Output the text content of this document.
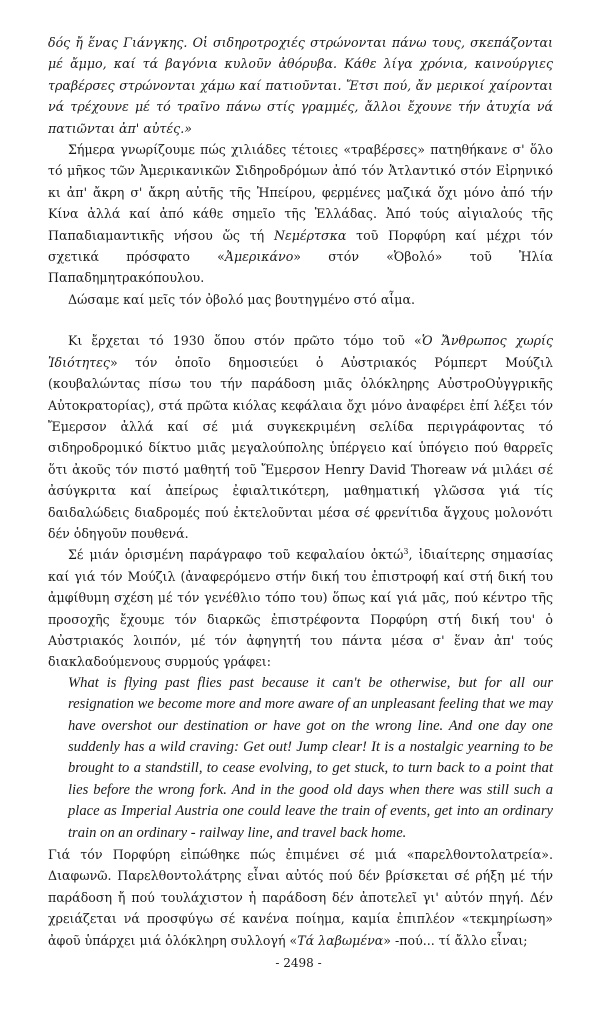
δός ἤ ἕνας Γιάνγκης. Οἱ σιδηροτροχιές στρώνονται πάνω τους, σκεπάζονται μέ ἄμμο, καί τά βαγόνια κυλοῦν ἀθόρυβα. Κάθε λίγα χρόνια, καινούργιες τραβέρσες στρώνονται χάμω καί πατιοῦνται. Ἔτσι πού, ἄν μερικοί χαίρονται νά τρέχουνε μέ τό τραῖνο πάνω στίς γραμμές, ἄλλοι ἔχουνε τήν ἀτυχία νά πατιῶνται ἀπ' αὐτές.»

Σήμερα γνωρίζουμε πώς χιλιάδες τέτοιες «τραβέρσες» πατηθήκανε σ' ὅλο τό μῆκος τῶν Ἀμερικανικῶν Σιδηροδρόμων ἀπό τόν Ἀτλαντικό στόν Εἰρηνικό κι ἀπ' ἄκρη σ' ἄκρη αὐτῆς τῆς Ἠπείρου, φερμένες μαζικά ὄχι μόνο ἀπό τήν Κίνα ἀλλά καί ἀπό κάθε σημεῖο τῆς Ἑλλάδας. Ἀπό τούς αἰγιαλούς τῆς Παπαδιαμαντικῆς νήσου ὥς τή Νεμέρτσκα τοῦ Πορφύρη καί μέχρι τόν σχετικά πρόσφατο «Ἀμερικάνο» στόν «Ὀβολό» τοῦ Ἠλία Παπαδημητρακόπουλου.

Δώσαμε καί μεῖς τόν ὀβολό μας βουτηγμένο στό αἷμα.

Κι ἔρχεται τό 1930 ὅπου στόν πρῶτο τόμο τοῦ «Ὁ Ἄνθρωπος χωρίς Ἰδιότητες» τόν ὁποῖο δημοσιεύει ὁ Αὐστριακός Ρόμπερτ Μούζιλ (κουβαλώντας πίσω του τήν παράδοση μιᾶς ὁλόκληρης ΑὐστροΟὐγγρικῆς Αὐτοκρατορίας), στά πρῶτα κιόλας κεφάλαια ὄχι μόνο ἀναφέρει ἐπί λέξει τόν Ἔμερσον ἀλλά καί σέ μιά συγκεκριμένη σελίδα περιγράφοντας τό σιδηροδρομικό δίκτυο μιᾶς μεγαλούπολης ὑπέργειο καί ὑπόγειο πού θαρρεῖς ὅτι ἀκοῦς τόν πιστό μαθητή τοῦ Ἔμερσον Henry David Thoreaw νά μιλάει σέ ἀσύγκριτα καί ἀπείρως ἐφιαλτικότερη, μαθηματική γλῶσσα γιά τίς δαιδαλώδεις διαδρομές πού ἐκτελοῦνται μέσα σέ φρενίτιδα ἄγχους μολονότι δέν ὁδηγοῦν πουθενά.

Σέ μιάν ὁρισμένη παράγραφο τοῦ κεφαλαίου ὀκτώ$^3$, ἰδιαίτερης σημασίας καί γιά τόν Μούζιλ (ἀναφερόμενο στήν δική του ἐπιστροφή καί στή δική του ἀμφίθυμη σχέση μέ τόν γενέθλιο τόπο του) ὅπως καί γιά μᾶς, πού κέντρο τῆς προσοχῆς ἔχουμε τόν διαρκῶς ἐπιστρέφοντα Πορφύρη στή δική του' ὁ Αὐστριακός λοιπόν, μέ τόν ἀφηγητή του πάντα μέσα σ' ἕναν ἀπ' τούς διακλαδούμενους συρμούς γράφει:

What is flying past flies past because it can't be otherwise, but for all our resignation we become more and more aware of an unpleasant feeling that we may have overshot our destination or have got on the wrong line. And one day one suddenly has a wild craving: Get out! Jump clear! It is a nostalgic yearning to be brought to a standstill, to cease evolving, to get stuck, to turn back to a point that lies before the wrong fork. And in the good old days when there was still such a place as Imperial Austria one could leave the train of events, get into an ordinary train on an ordinary - railway line, and travel back home.

Γιά τόν Πορφύρη εἰπώθηκε πώς ἐπιμένει σέ μιά «παρελθοντολατρεία». Διαφωνῶ. Παρελθοντολάτρης εἶναι αὐτός πού δέν βρίσκεται σέ ρήξη μέ τήν παράδοση ἤ πού τουλάχιστον ἡ παράδοση δέν ἀποτελεῖ γι' αὐτόν πηγή. Δέν χρειάζεται νά προσφύγω σέ κανένα ποίημα, καμία ἐπιπλέον «τεκμηρίωση» ἀφοῦ ὑπάρχει μιά ὁλόκληρη συλλογή «Τά λαβωμένα» -πού... τί ἄλλο εἶναι;

- 2498 -
